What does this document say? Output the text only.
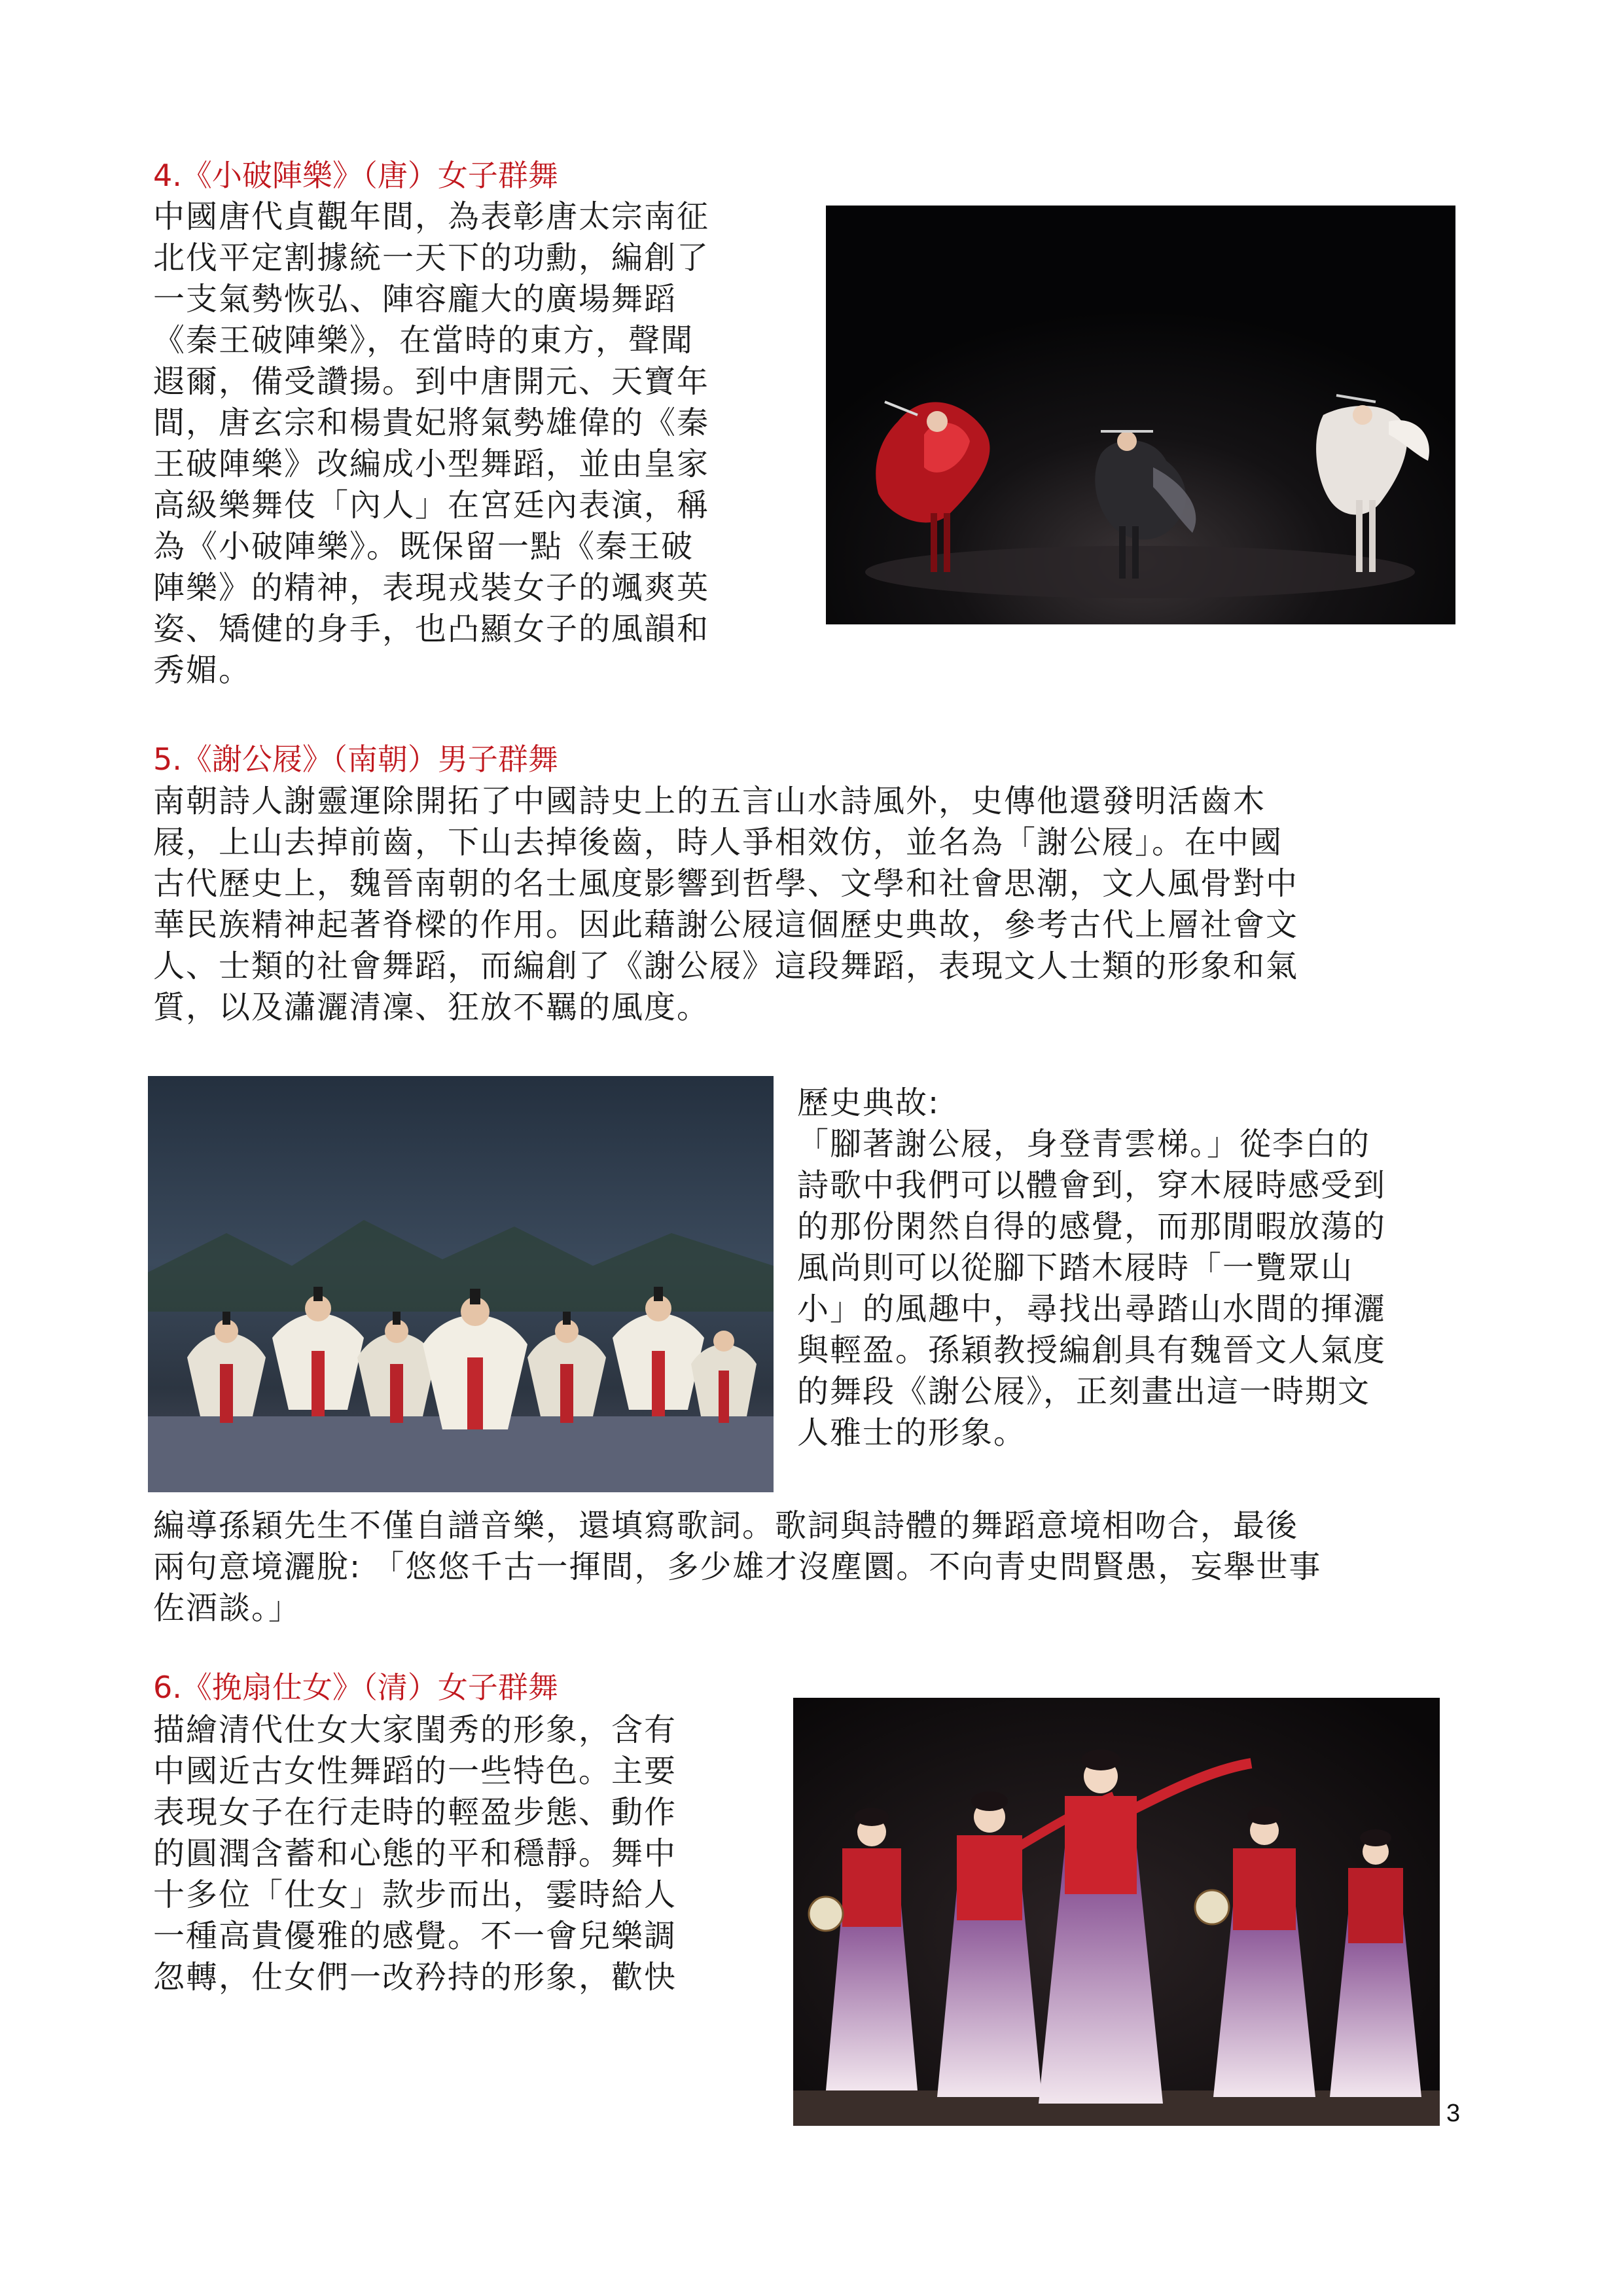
4.《小破陣樂》（唐）女子群舞
中國唐代貞觀年間，為表彰唐太宗南征
北伐平定割據統一天下的功勳，編創了
一支氣勢恢弘、陣容龐大的廣場舞蹈
《秦王破陣樂》，在當時的東方，聲聞
遐爾，備受讚揚。到中唐開元、天寶年
間，唐玄宗和楊貴妃將氣勢雄偉的《秦
王破陣樂》改編成小型舞蹈，並由皇家
高級樂舞伎「內人」在宮廷內表演，稱
為《小破陣樂》。既保留一點《秦王破
陣樂》的精神，表現戎裝女子的颯爽英
姿、矯健的身手，也凸顯女子的風韻和
秀媚。
5.《謝公屐》（南朝）男子群舞
南朝詩人謝靈運除開拓了中國詩史上的五言山水詩風外，史傳他還發明活齒木
屐，上山去掉前齒，下山去掉後齒，時人爭相效仿，並名為「謝公屐」。在中國
古代歷史上，魏晉南朝的名士風度影響到哲學、文學和社會思潮，文人風骨對中
華民族精神起著脊樑的作用。因此藉謝公屐這個歷史典故，參考古代上層社會文
人、士類的社會舞蹈，而編創了《謝公屐》這段舞蹈，表現文人士類的形象和氣
質，以及瀟灑清凜、狂放不羈的風度。
歷史典故:
「腳著謝公屐，身登青雲梯。」從李白的
詩歌中我們可以體會到，穿木屐時感受到
的那份閑然自得的感覺，而那閒暇放蕩的
風尚則可以從腳下踏木屐時「一覽眾山
小」的風趣中，尋找出尋踏山水間的揮灑
與輕盈。孫穎教授編創具有魏晉文人氣度
的舞段《謝公屐》，正刻畫出這一時期文
人雅士的形象。
編導孫穎先生不僅自譜音樂，還填寫歌詞。歌詞與詩體的舞蹈意境相吻合，最後
兩句意境灑脫: 「悠悠千古一揮間，多少雄才沒塵圜。不向青史問賢愚，妄舉世事
佐酒談。」
6.《挽扇仕女》（清）女子群舞
描繪清代仕女大家閨秀的形象，含有
中國近古女性舞蹈的一些特色。主要
表現女子在行走時的輕盈步態、動作
的圓潤含蓄和心態的平和穩靜。舞中
十多位「仕女」款步而出，霎時給人
一種高貴優雅的感覺。不一會兒樂調
忽轉，仕女們一改矜持的形象，歡快

3
